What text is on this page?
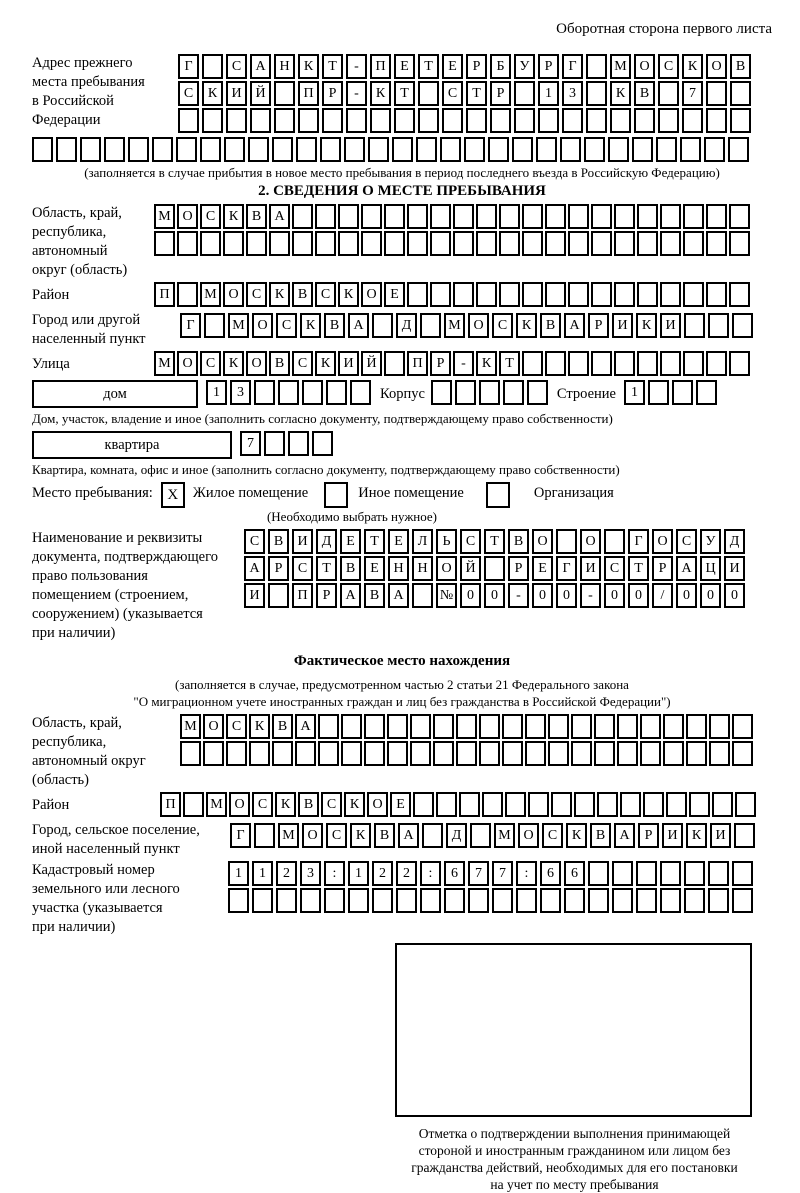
Оборотная сторона первого листа
Адрес прежнего
места пребывания
в Российской
Федерации
Г	С	А Н	К	Т	-	П	Е	Т	Е	Р	Б	У	Р	Г	М О	С	К	О	В
С	К	И Й	П	Р	-	К	Т	С	Т	Р	1	3	К	В	7
(заполняется в случае прибытия в новое место пребывания в период последнего въезда в Российскую Федерацию)
2. СВЕДЕНИЯ О МЕСТЕ ПРЕБЫВАНИЯ
Область, край,
республика,
автономный
округ (область)
М О С К В А
Район	П	М О С К В С К О Е
Город или другой
населенный пункт
Г	М О	С	К	В	А	Д	М О	С	К	В	А	Р	И	К	И
Улица	М О С К О В С К И Й	П	Р	-	К	Т
дом	1	3	Корпус	Строение	1
Дом, участок, владение и иное (заполнить согласно документу, подтверждающему право собственности)
квартира	7
Квартира, комната, офис и иное (заполнить согласно документу, подтверждающему право собственности)
Место пребывания: X	Жилое помещение	Иное помещение	Организация
(Необходимо выбрать нужное)
Наименование и реквизиты
документа, подтверждающего
право пользования
помещением (строением,
сооружением) (указывается
при наличии)
С	В	И	Д	Е	Т	Е	Л	Ь	С	Т	В	О	О	Г	О	С	У	Д
А	Р	С	Т	В	Е	Н Н О Й	Р	Е	Г	И	С	Т	Р	А Ц И
И	П	Р	А	В	А	№ 0	0	-	0	0	-	0	0	/	0	0	0
Фактическое место нахождения
(заполняется в случае, предусмотренном частью 2 статьи 21 Федерального закона
"О миграционном учете иностранных граждан и лиц без гражданства в Российской Федерации")
Область, край,
республика,
автономный округ
(область)
М О С К В А
Район	П	М О С К В С К О Е
Город, сельское поселение,
иной населенный пункт
Г	М О	С	К	В	А	Д	М О	С	К	В	А	Р	И	К	И
Кадастровый номер
земельного или лесного
участка (указывается
при наличии)
1	1	2	3	:	1	2	2	:	6	7	7	:	6	6
Отметка о подтверждении выполнения принимающей
стороной и иностранным гражданином или лицом без
гражданства действий, необходимых для его постановки
на учет по месту пребывания
